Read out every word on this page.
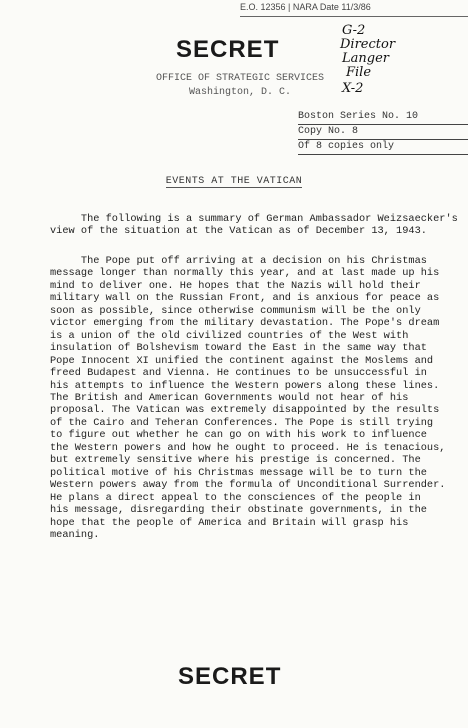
E.O. 12356 | NARA Date 11/3/86
SECRET
G-2
Director
Langer
File
X-2
OFFICE OF STRATEGIC SERVICES
Washington, D. C.
Boston Series No. 10
Copy No. 8
Of 8 copies only
EVENTS AT THE VATICAN

The following is a summary of German Ambassador Weizsaecker's
view of the situation at the Vatican as of December 13, 1943.

The Pope put off arriving at a decision on his Christmas
message longer than normally this year, and at last made up his
mind to deliver one. He hopes that the Nazis will hold their
military wall on the Russian Front, and is anxious for peace as
soon as possible, since otherwise communism will be the only
victor emerging from the military devastation. The Pope's dream
is a union of the old civilized countries of the West with
insulation of Bolshevism toward the East in the same way that
Pope Innocent XI unified the continent against the Moslems and
freed Budapest and Vienna. He continues to be unsuccessful in
his attempts to influence the Western powers along these lines.
The British and American Governments would not hear of his
proposal. The Vatican was extremely disappointed by the results
of the Cairo and Teheran Conferences. The Pope is still trying
to figure out whether he can go on with his work to influence
the Western powers and how he ought to proceed. He is tenacious,
but extremely sensitive where his prestige is concerned. The
political motive of his Christmas message will be to turn the
Western powers away from the formula of Unconditional Surrender.
He plans a direct appeal to the consciences of the people in
his message, disregarding their obstinate governments, in the
hope that the people of America and Britain will grasp his
meaning.

SECRET
